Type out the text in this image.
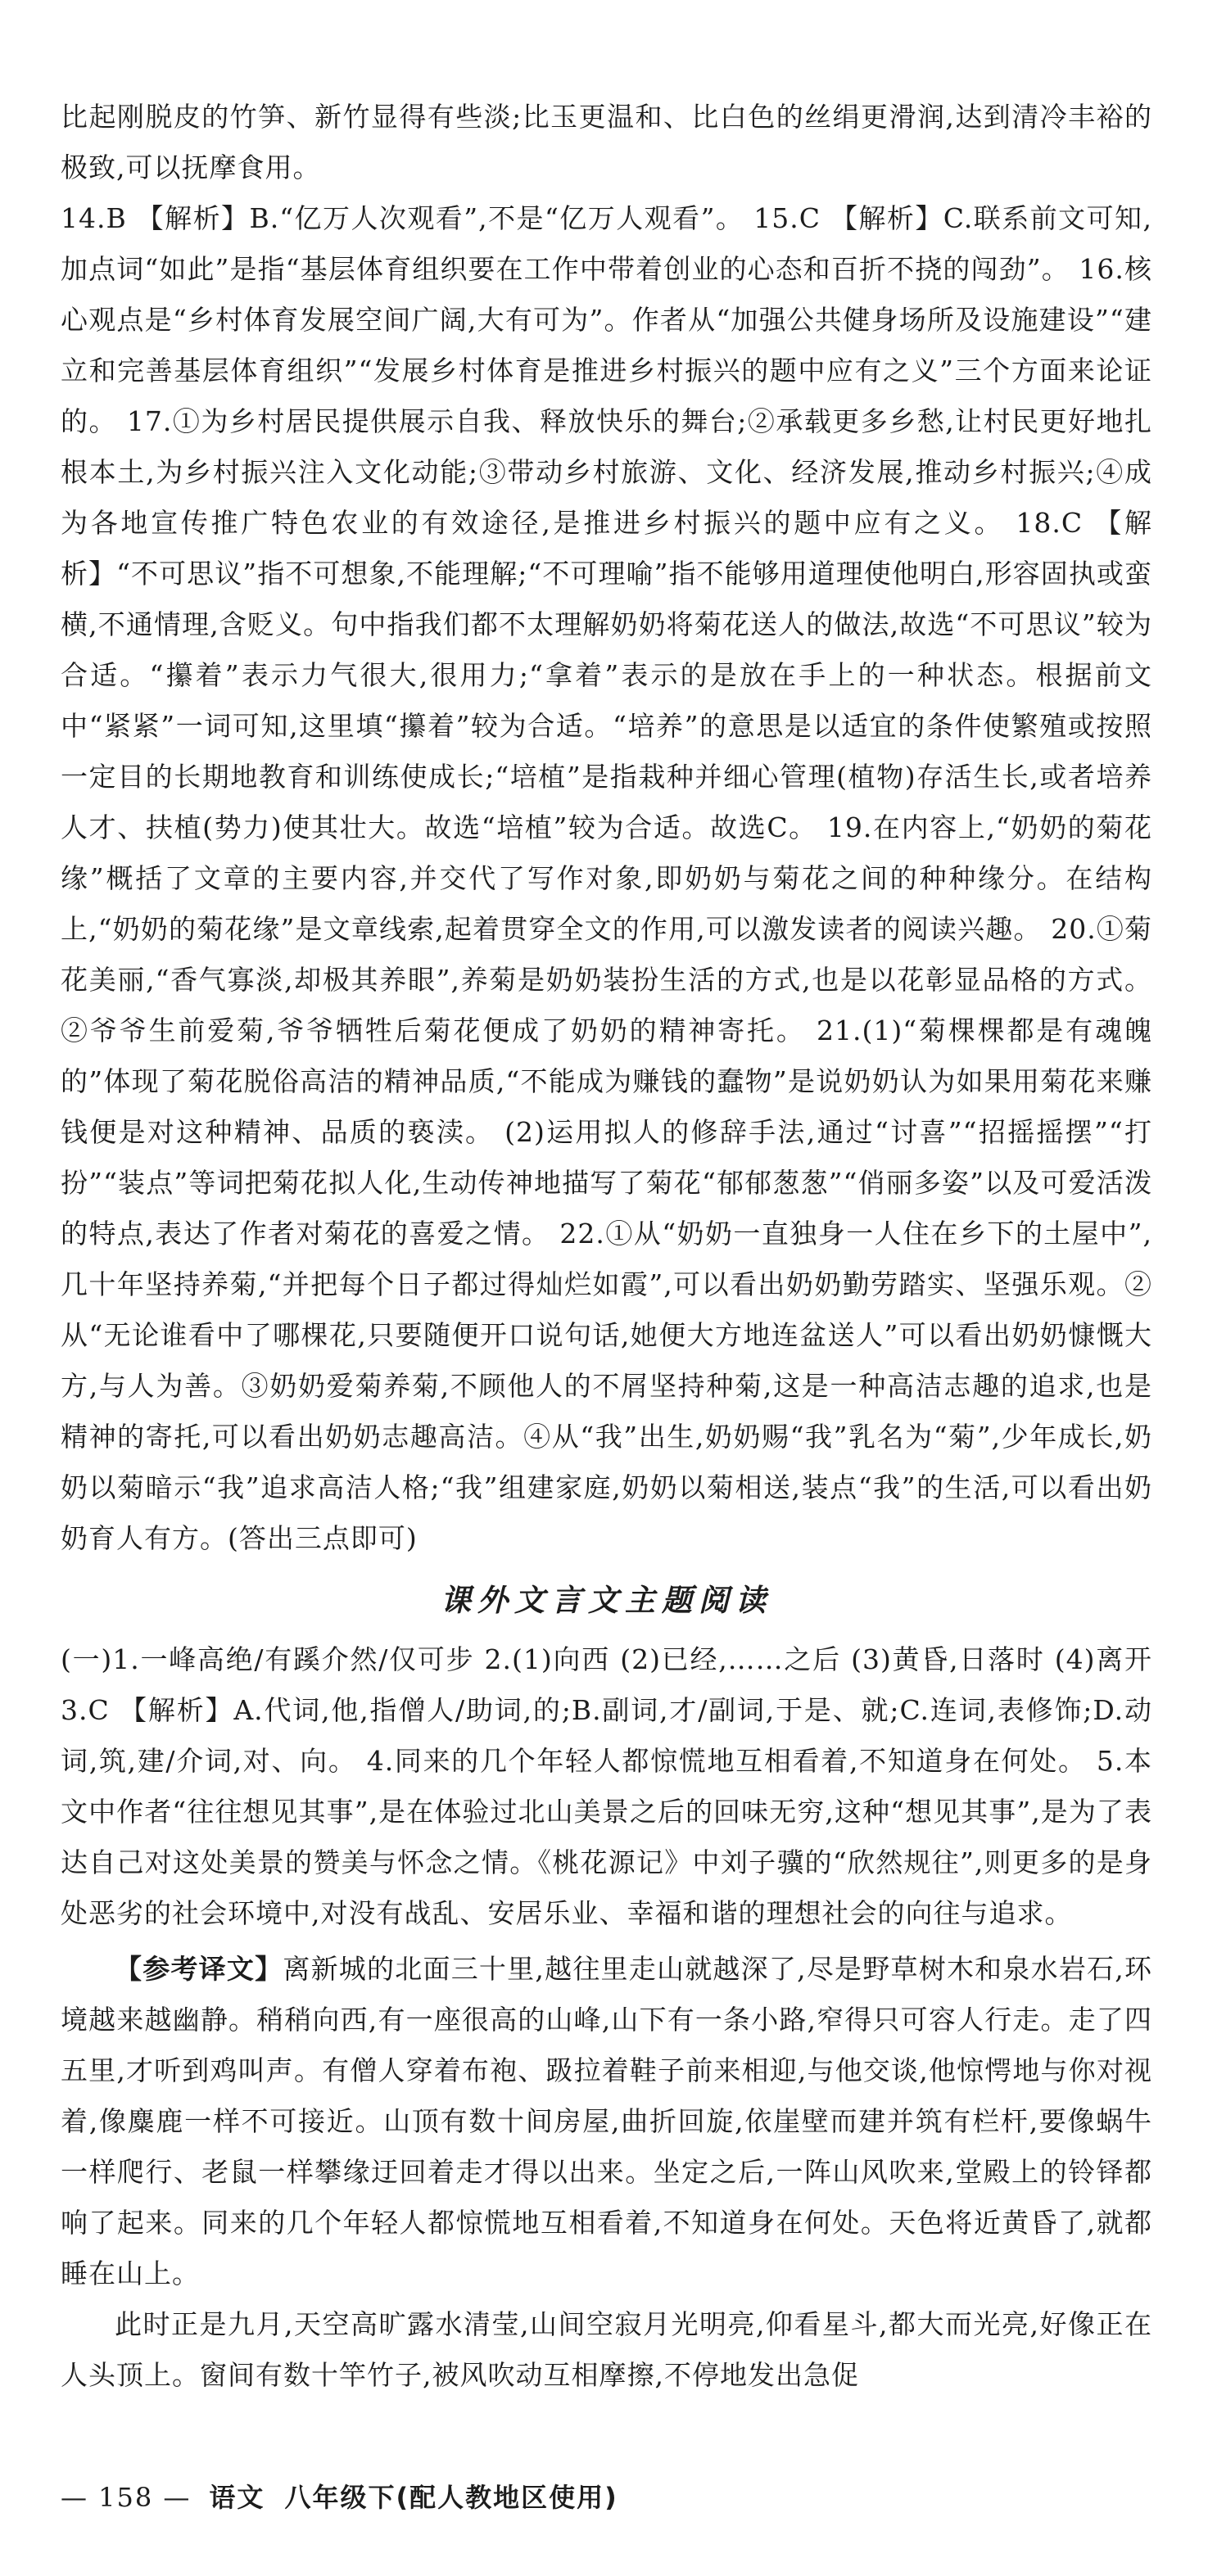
比起刚脱皮的竹笋、新竹显得有些淡;比玉更温和、比白色的丝绢更滑润,达到清冷丰裕的极致,可以抚摩食用。

14.B 【解析】B.“亿万人次观看”,不是“亿万人观看”。 15.C 【解析】C.联系前文可知,加点词“如此”是指“基层体育组织要在工作中带着创业的心态和百折不挠的闯劲”。 16.核心观点是“乡村体育发展空间广阔,大有可为”。作者从“加强公共健身场所及设施建设”“建立和完善基层体育组织”“发展乡村体育是推进乡村振兴的题中应有之义”三个方面来论证的。 17.①为乡村居民提供展示自我、释放快乐的舞台;②承载更多乡愁,让村民更好地扎根本土,为乡村振兴注入文化动能;③带动乡村旅游、文化、经济发展,推动乡村振兴;④成为各地宣传推广特色农业的有效途径,是推进乡村振兴的题中应有之义。 18.C 【解析】“不可思议”指不可想象,不能理解;“不可理喻”指不能够用道理使他明白,形容固执或蛮横,不通情理,含贬义。句中指我们都不太理解奶奶将菊花送人的做法,故选“不可思议”较为合适。“攥着”表示力气很大,很用力;“拿着”表示的是放在手上的一种状态。根据前文中“紧紧”一词可知,这里填“攥着”较为合适。“培养”的意思是以适宜的条件使繁殖或按照一定目的长期地教育和训练使成长;“培植”是指栽种并细心管理(植物)存活生长,或者培养人才、扶植(势力)使其壮大。故选“培植”较为合适。故选C。 19.在内容上,“奶奶的菊花缘”概括了文章的主要内容,并交代了写作对象,即奶奶与菊花之间的种种缘分。在结构上,“奶奶的菊花缘”是文章线索,起着贯穿全文的作用,可以激发读者的阅读兴趣。 20.①菊花美丽,“香气寡淡,却极其养眼”,养菊是奶奶装扮生活的方式,也是以花彰显品格的方式。②爷爷生前爱菊,爷爷牺牲后菊花便成了奶奶的精神寄托。 21.(1)“菊棵棵都是有魂魄的”体现了菊花脱俗高洁的精神品质,“不能成为赚钱的蠢物”是说奶奶认为如果用菊花来赚钱便是对这种精神、品质的亵渎。 (2)运用拟人的修辞手法,通过“讨喜”“招摇摇摆”“打扮”“装点”等词把菊花拟人化,生动传神地描写了菊花“郁郁葱葱”“俏丽多姿”以及可爱活泼的特点,表达了作者对菊花的喜爱之情。 22.①从“奶奶一直独身一人住在乡下的土屋中”,几十年坚持养菊,“并把每个日子都过得灿烂如霞”,可以看出奶奶勤劳踏实、坚强乐观。②从“无论谁看中了哪棵花,只要随便开口说句话,她便大方地连盆送人”可以看出奶奶慷慨大方,与人为善。③奶奶爱菊养菊,不顾他人的不屑坚持种菊,这是一种高洁志趣的追求,也是精神的寄托,可以看出奶奶志趣高洁。④从“我”出生,奶奶赐“我”乳名为“菊”,少年成长,奶奶以菊暗示“我”追求高洁人格;“我”组建家庭,奶奶以菊相送,装点“我”的生活,可以看出奶奶育人有方。(答出三点即可)

课外文言文主题阅读

(一)1.一峰高绝/有蹊介然/仅可步 2.(1)向西 (2)已经,……之后 (3)黄昏,日落时 (4)离开 3.C 【解析】A.代词,他,指僧人/助词,的;B.副词,才/副词,于是、就;C.连词,表修饰;D.动词,筑,建/介词,对、向。 4.同来的几个年轻人都惊慌地互相看着,不知道身在何处。 5.本文中作者“往往想见其事”,是在体验过北山美景之后的回味无穷,这种“想见其事”,是为了表达自己对这处美景的赞美与怀念之情。《桃花源记》中刘子骥的“欣然规往”,则更多的是身处恶劣的社会环境中,对没有战乱、安居乐业、幸福和谐的理想社会的向往与追求。

【参考译文】离新城的北面三十里,越往里走山就越深了,尽是野草树木和泉水岩石,环境越来越幽静。稍稍向西,有一座很高的山峰,山下有一条小路,窄得只可容人行走。走了四五里,才听到鸡叫声。有僧人穿着布袍、趿拉着鞋子前来相迎,与他交谈,他惊愕地与你对视着,像麋鹿一样不可接近。山顶有数十间房屋,曲折回旋,依崖壁而建并筑有栏杆,要像蜗牛一样爬行、老鼠一样攀缘迂回着走才得以出来。坐定之后,一阵山风吹来,堂殿上的铃铎都响了起来。同来的几个年轻人都惊慌地互相看着,不知道身在何处。天色将近黄昏了,就都睡在山上。

此时正是九月,天空高旷露水清莹,山间空寂月光明亮,仰看星斗,都大而光亮,好像正在人头顶上。窗间有数十竿竹子,被风吹动互相摩擦,不停地发出急促

— 158 — 语文 八年级下(配人教地区使用)
